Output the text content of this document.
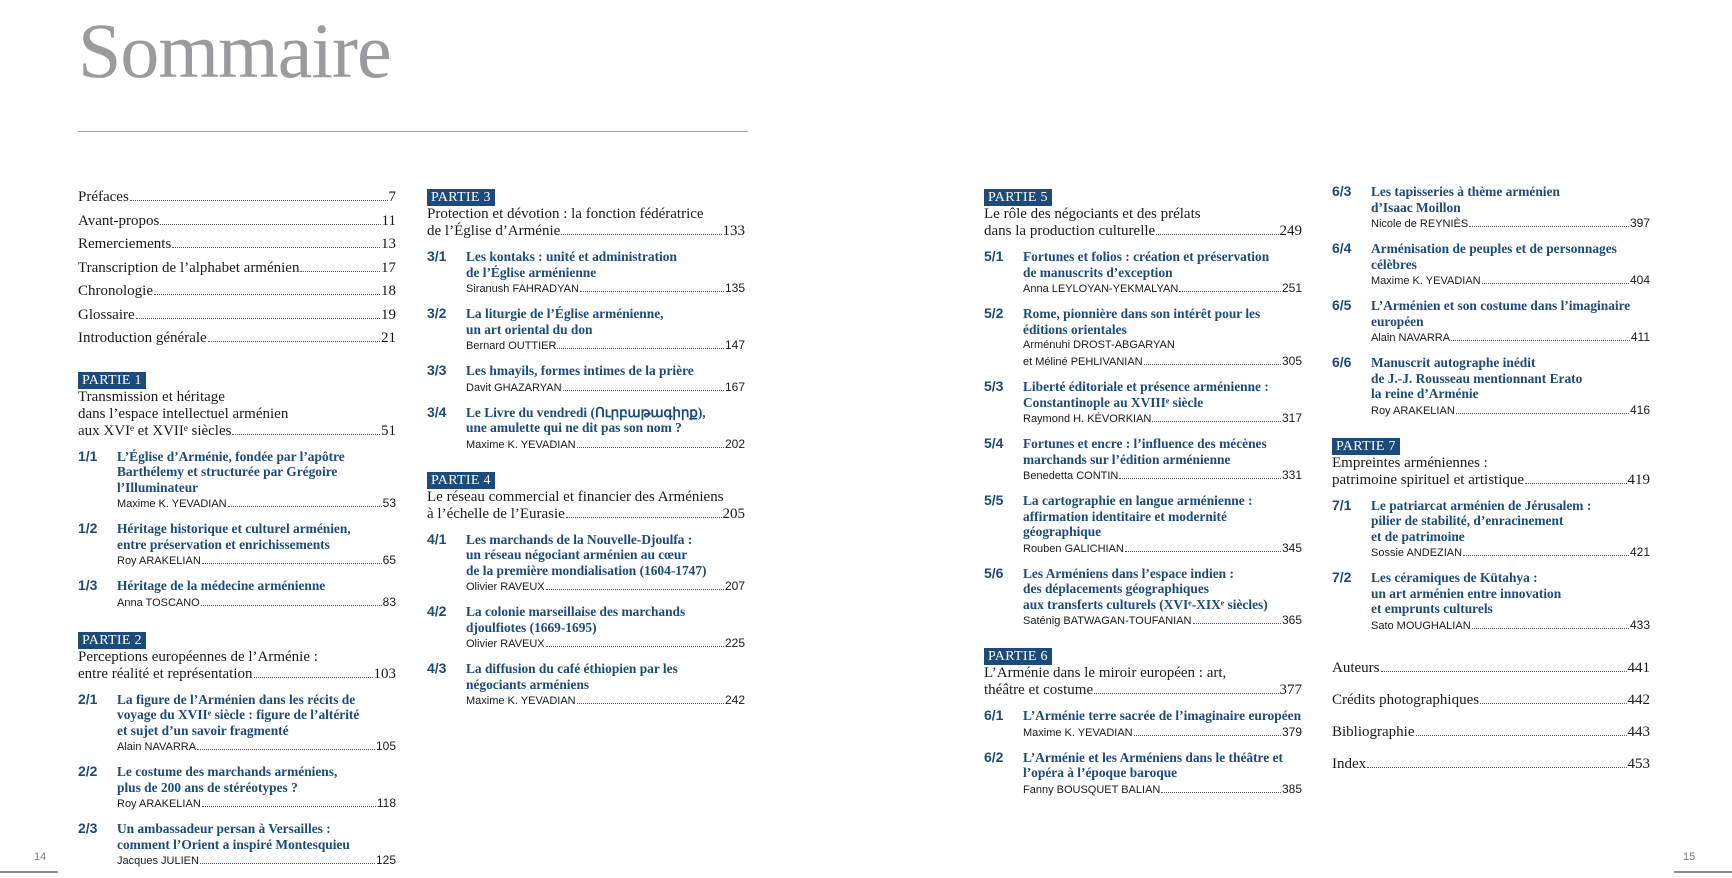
Sommaire
Préfaces	7
Avant-propos	11
Remerciements	13
Transcription de l’alphabet arménien	17
Chronologie	18
Glossaire	19
Introduction générale	21
PARTIE 1
Transmission et héritage
dans l’espace intellectuel arménien
aux XVIᵉ et XVIIᵉ siècles	51
1/1	L’Église d’Arménie, fondée par l’apôtre
Barthélemy et structurée par Grégoire
l’Illuminateur
Maxime K. YEVADIAN	53
1/2	Héritage historique et culturel arménien,
entre préservation et enrichissements
Roy ARAKELIAN	65
1/3	Héritage de la médecine arménienne
Anna TOSCANO	83
PARTIE 2
Perceptions européennes de l’Arménie :
entre réalité et représentation	103
2/1	La figure de l’Arménien dans les récits de
voyage du XVIIᵉ siècle : figure de l’altérité
et sujet d’un savoir fragmenté
Alain NAVARRA	105
2/2	Le costume des marchands arméniens,
plus de 200 ans de stéréotypes ?
Roy ARAKELIAN	118
2/3	Un ambassadeur persan à Versailles :
comment l’Orient a inspiré Montesquieu
Jacques JULIEN	125
PARTIE 3
Protection et dévotion : la fonction fédératrice
de l’Église d’Arménie	133
3/1	Les kontaks : unité et administration
de l’Église arménienne
Siranush FAHRADYAN	135
3/2	La liturgie de l’Église arménienne,
un art oriental du don
Bernard OUTTIER	147
3/3	Les hmayils, formes intimes de la prière
Davit GHAZARYAN	167
3/4	Le Livre du vendredi (Ուրբաթագիրք),
une amulette qui ne dit pas son nom ?
Maxime K. YEVADIAN	202
PARTIE 4
Le réseau commercial et financier des Arméniens
à l’échelle de l’Eurasie	205
4/1	Les marchands de la Nouvelle-Djoulfa :
un réseau négociant arménien au cœur
de la première mondialisation (1604-1747)
Olivier RAVEUX	207
4/2	La colonie marseillaise des marchands
djoulfiotes (1669-1695)
Olivier RAVEUX	225
4/3	La diffusion du café éthiopien par les
négociants arméniens
Maxime K. YEVADIAN	242
PARTIE 5
Le rôle des négociants et des prélats
dans la production culturelle	249
5/1	Fortunes et folios : création et préservation
de manuscrits d’exception
Anna LEYLOYAN-YEKMALYAN	251
5/2	Rome, pionnière dans son intérêt pour les
éditions orientales
Arménuhi DROST-ABGARYAN
et Méliné PEHLIVANIAN	305
5/3	Liberté éditoriale et présence arménienne :
Constantinople au XVIIIᵉ siècle
Raymond H. KÉVORKIAN	317
5/4	Fortunes et encre : l’influence des mécènes
marchands sur l’édition arménienne
Benedetta CONTIN	331
5/5	La cartographie en langue arménienne :
affirmation identitaire et modernité
géographique
Rouben GALICHIAN	345
5/6	Les Arméniens dans l’espace indien :
des déplacements géographiques
aux transferts culturels (XVIᵉ-XIXᵉ siècles)
Saténig BATWAGAN-TOUFANIAN	365
PARTIE 6
L’Arménie dans le miroir européen : art,
théâtre et costume	377
6/1	L’Arménie terre sacrée de l’imaginaire européen
Maxime K. YEVADIAN	379
6/2	L’Arménie et les Arméniens dans le théâtre et
l’opéra à l’époque baroque
Fanny BOUSQUET BALIAN	385
6/3	Les tapisseries à thème arménien
d’Isaac Moillon
Nicole de REYNIÈS	397
6/4	Arménisation de peuples et de personnages
célèbres
Maxime K. YEVADIAN	404
6/5	L’Arménien et son costume dans l’imaginaire
européen
Alain NAVARRA	411
6/6	Manuscrit autographe inédit
de J.-J. Rousseau mentionnant Erato
la reine d’Arménie
Roy ARAKELIAN	416
PARTIE 7
Empreintes arméniennes :
patrimoine spirituel et artistique	419
7/1	Le patriarcat arménien de Jérusalem :
pilier de stabilité, d’enracinement
et de patrimoine
Sossie ANDEZIAN	421
7/2	Les céramiques de Kütahya :
un art arménien entre innovation
et emprunts culturels
Sato MOUGHALIAN	433
Auteurs	441
Crédits photographiques	442
Bibliographie	443
Index	453
14	15
